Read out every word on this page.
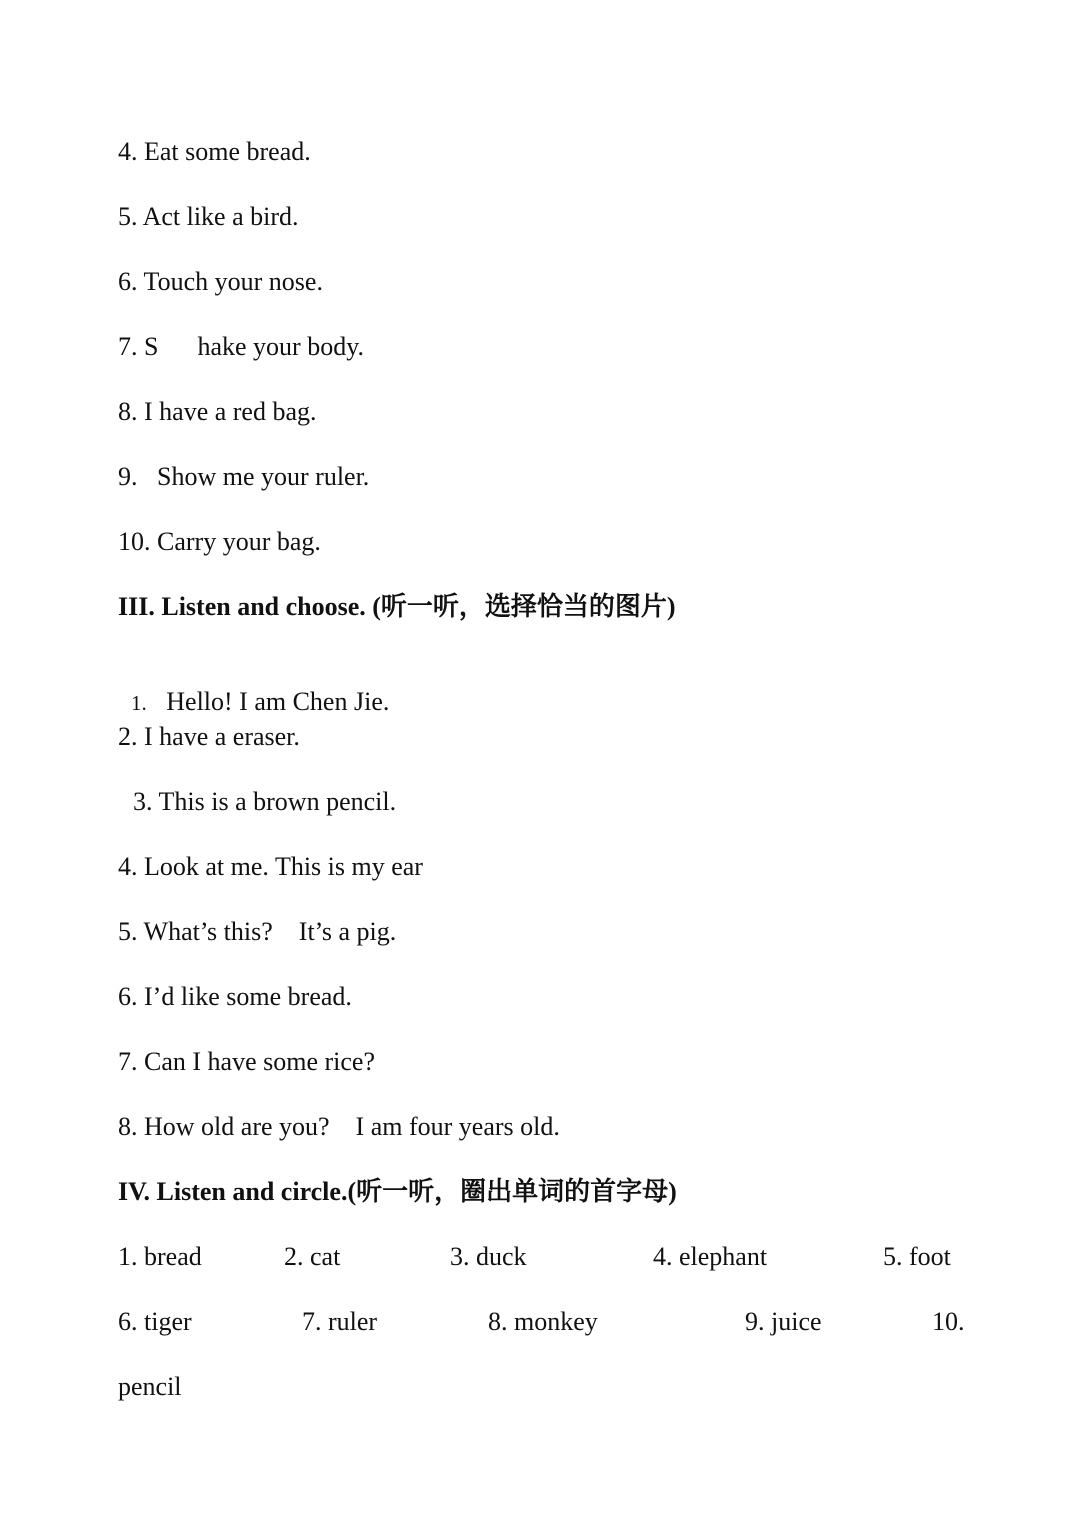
4. Eat some bread.
5. Act like a bird.
6. Touch your nose.
7. S      hake your body.
8. I have a red bag.
9.   Show me your ruler.
10. Carry your bag.
III. Listen and choose. (听一听，选择恰当的图片)

1. Hello! I am Chen Jie.

2. I have a eraser.
3. This is a brown pencil.
4. Look at me. This is my ear
5. What’s this?    It’s a pig.
6. I’d like some bread.
7. Can I have some rice?
8. How old are you?    I am four years old.
IV. Listen and circle.(听一听，圈出单词的首字母)
1. bread	2. cat	3. duck	4. elephant	5. foot
6. tiger	7. ruler	8. monkey	9. juice	10.
pencil
